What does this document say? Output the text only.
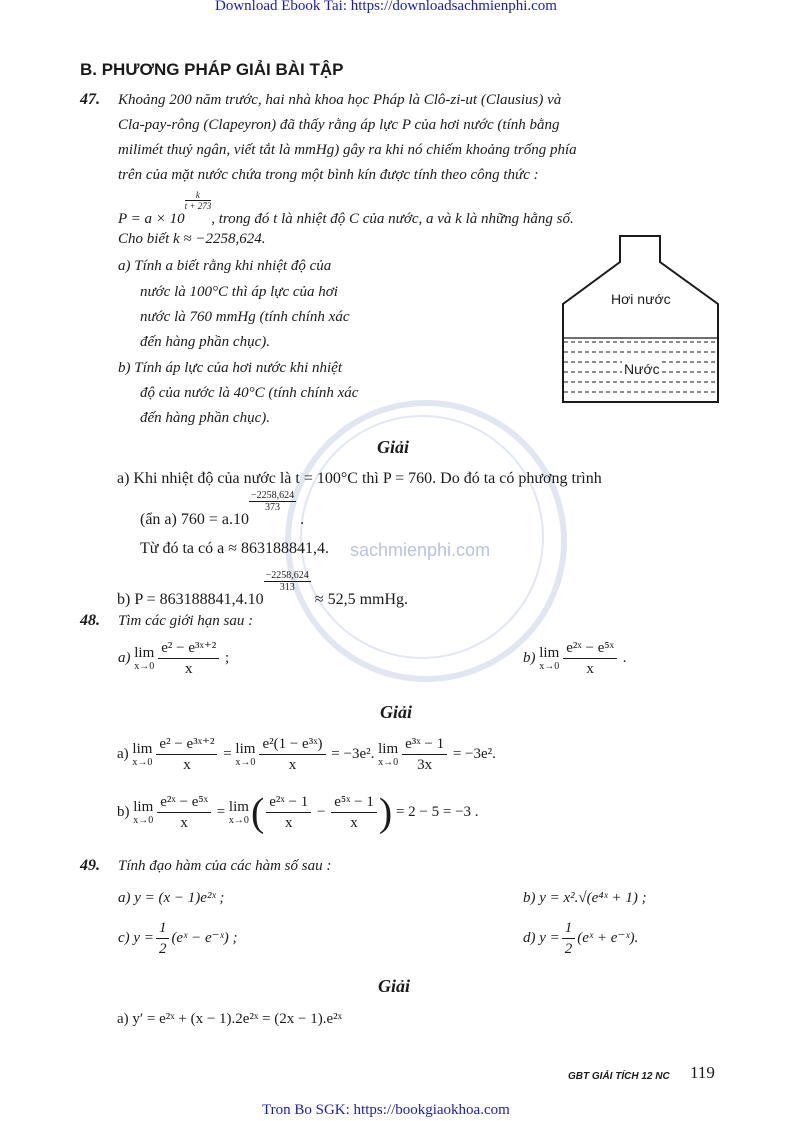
sachmienphi.com
Download Ebook Tai: https://downloadsachmienphi.com
Tron Bo SGK: https://bookgiaokhoa.com
B. PHƯƠNG PHÁP GIẢI BÀI TẬP
47. Khoảng 200 năm trước, hai nhà khoa học Pháp là Clô-zi-ut (Clausius) và
Cla-pay-rông (Clapeyron) đã thấy rằng áp lực P của hơi nước (tính bằng
milimét thuỷ ngân, viết tắt là mmHg) gây ra khi nó chiếm khoảng trống phía
trên của mặt nước chứa trong một bình kín được tính theo công thức :
P = a × 10
$\frac{k}{t + 273}$
, trong đó t là nhiệt độ C của nước, a và k là những hằng số.
Cho biết k ≈ −2258,624.
a) Tính a biết rằng khi nhiệt độ của
nước là 100°C thì áp lực của hơi
nước là 760 mmHg (tính chính xác
đến hàng phần chục).
b) Tính áp lực của hơi nước khi nhiệt
độ của nước là 40°C (tính chính xác
đến hàng phần chục).
Hơi nước
Nước
Giải
a) Khi nhiệt độ của nước là t = 100°C thì P = 760. Do đó ta có phương trình
(ẩn a) 760 = a.10
$\frac{-2258,624}{373}$
.
Từ đó ta có a ≈ 863188841,4.
b) P = 863188841,4.10
$\frac{-2258,624}{313}$
≈ 52,5 mmHg.
48. Tìm các giới hạn sau :
a) lim
$x\to 0 \frac{\text{e² − e³ˣ⁺²}}{x}$ ;	b) lim
$x\to 0 \frac{\text{e²ˣ − e⁵ˣ}}{x}$ .
Giải
a) lim
$x\to 0 \frac{\text{e² − e³ˣ⁺²}}{x} = \lim$
$x\to 0 \frac{\text{e²(1 − e³ˣ)}}{x} = -3e^2$. lim
$x\to 0 \frac{\text{e³ˣ − 1}}{3x} = -3e^2$.
b) lim
$x\to 0 \frac{\text{e²ˣ − e⁵ˣ}}{x} = \lim$
x→0 ( $\frac{\text{e²ˣ − 1}}{x} - \frac{\text{e⁵ˣ − 1}}{x}$ ) = 2 − 5 = −3 .
49. Tính đạo hàm của các hàm số sau :
a) y = (x − 1)e²ˣ ;	b) y = x².√(e⁴ˣ + 1) ;
c) $y = \frac{1}{2}$ (eˣ − e⁻ˣ) ;	d) $y = \frac{1}{2}$ (eˣ + e⁻ˣ).
Giải
a) y′ = e²ˣ + (x − 1).2e²ˣ = (2x − 1).e²ˣ
GBT GIẢI TÍCH 12 NC 119
